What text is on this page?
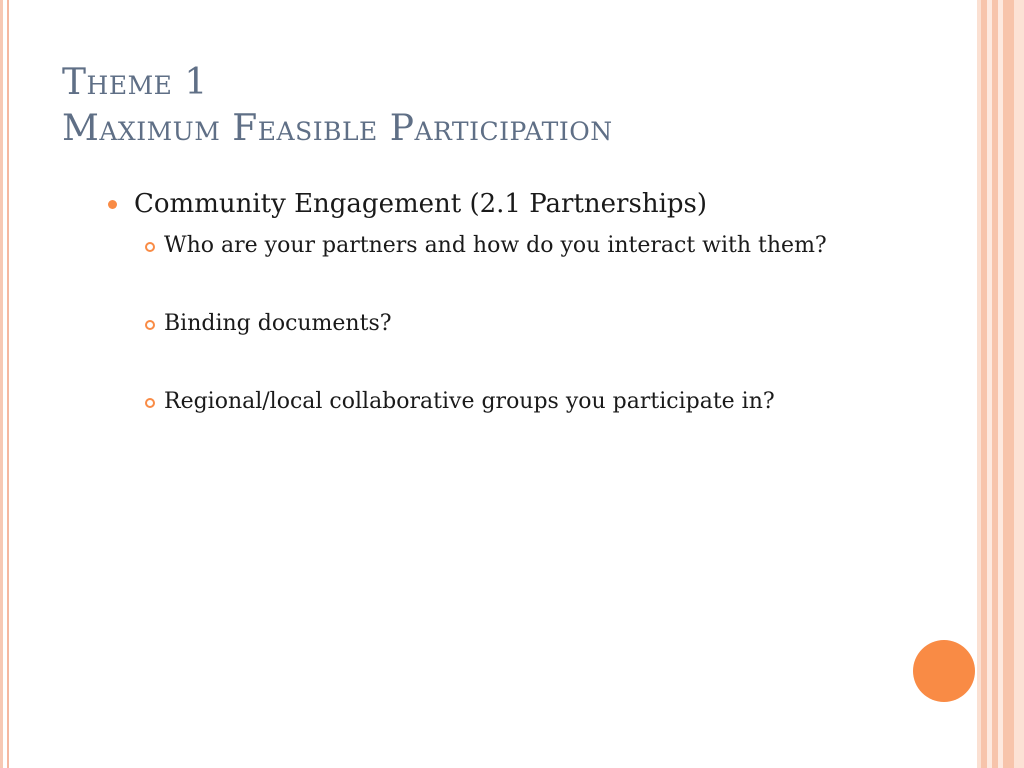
Theme 1
Maximum Feasible Participation
Community Engagement (2.1 Partnerships)
Who are your partners and how do you interact with them?
Binding documents?
Regional/local collaborative groups you participate in?
